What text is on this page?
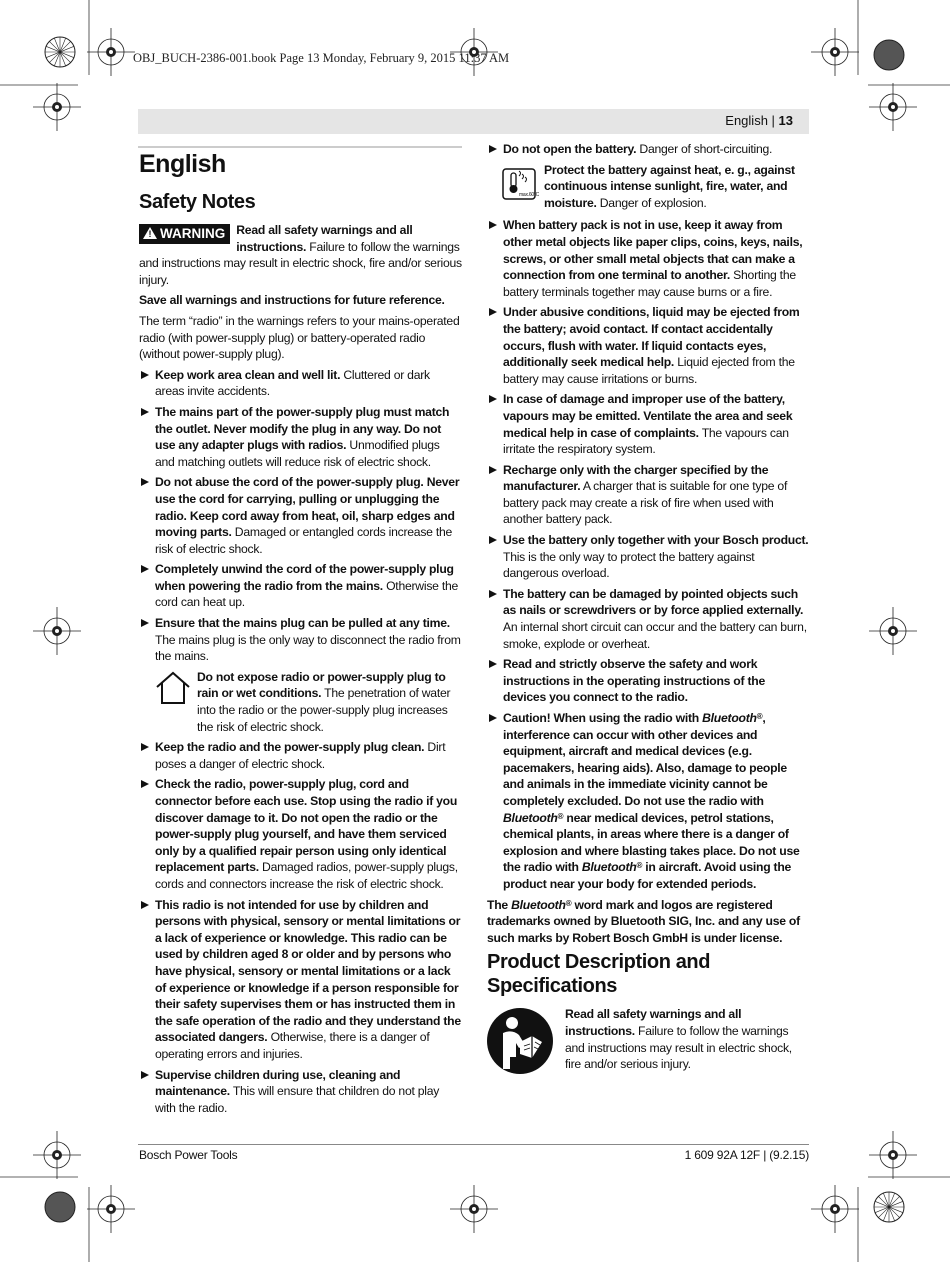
OBJ_BUCH-2386-001.book Page 13 Monday, February 9, 2015 11:37 AM
English | 13
English
Safety Notes

! WARNING Read all safety warnings and all instructions. Failure to follow the warnings and instructions may result in electric shock, fire and/or serious injury.

Save all warnings and instructions for future reference.

The term “radio” in the warnings refers to your mains-operated radio (with power-supply plug) or battery-operated radio (without power-supply plug).

Keep work area clean and well lit. Cluttered or dark areas invite accidents.
The mains part of the power-supply plug must match the outlet. Never modify the plug in any way. Do not use any adapter plugs with radios. Unmodified plugs and matching outlets will reduce risk of electric shock.
Do not abuse the cord of the power-supply plug. Never use the cord for carrying, pulling or unplugging the radio. Keep cord away from heat, oil, sharp edges and moving parts. Damaged or entangled cords increase the risk of electric shock.
Completely unwind the cord of the power-supply plug when powering the radio from the mains. Otherwise the cord can heat up.
Ensure that the mains plug can be pulled at any time. The mains plug is the only way to disconnect the radio from the mains.
Do not expose radio or power-supply plug to rain or wet conditions. The penetration of water into the radio or the power-supply plug increases the risk of electric shock.
Keep the radio and the power-supply plug clean. Dirt poses a danger of electric shock.
Check the radio, power-supply plug, cord and connector before each use. Stop using the radio if you discover damage to it. Do not open the radio or the power-supply plug yourself, and have them serviced only by a qualified repair person using only identical replacement parts. Damaged radios, power-supply plugs, cords and connectors increase the risk of electric shock.
This radio is not intended for use by children and persons with physical, sensory or mental limitations or a lack of experience or knowledge. This radio can be used by children aged 8 or older and by persons who have physical, sensory or mental limitations or a lack of experience or knowledge if a person responsible for their safety supervises them or has instructed them in the safe operation of the radio and they understand the associated dangers. Otherwise, there is a danger of operating errors and injuries.
Supervise children during use, cleaning and maintenance. This will ensure that children do not play with the radio.
Do not open the battery. Danger of short-circuiting.
max.60°C
Protect the battery against heat, e. g., against continuous intense sunlight, fire, water, and moisture. Danger of explosion.
When battery pack is not in use, keep it away from other metal objects like paper clips, coins, keys, nails, screws, or other small metal objects that can make a connection from one terminal to another. Shorting the battery terminals together may cause burns or a fire.
Under abusive conditions, liquid may be ejected from the battery; avoid contact. If contact accidentally occurs, flush with water. If liquid contacts eyes, additionally seek medical help. Liquid ejected from the battery may cause irritations or burns.
In case of damage and improper use of the battery, vapours may be emitted. Ventilate the area and seek medical help in case of complaints. The vapours can irritate the respiratory system.
Recharge only with the charger specified by the manufacturer. A charger that is suitable for one type of battery pack may create a risk of fire when used with another battery pack.
Use the battery only together with your Bosch product. This is the only way to protect the battery against dangerous overload.
The battery can be damaged by pointed objects such as nails or screwdrivers or by force applied externally. An internal short circuit can occur and the battery can burn, smoke, explode or overheat.
Read and strictly observe the safety and work instructions in the operating instructions of the devices you connect to the radio.
Caution! When using the radio with Bluetooth®, interference can occur with other devices and equipment, aircraft and medical devices (e.g. pacemakers, hearing aids). Also, damage to people and animals in the immediate vicinity cannot be completely excluded. Do not use the radio with Bluetooth® near medical devices, petrol stations, chemical plants, in areas where there is a danger of explosion and where blasting takes place. Do not use the radio with Bluetooth® in aircraft. Avoid using the product near your body for extended periods.

The Bluetooth® word mark and logos are registered trademarks owned by Bluetooth SIG, Inc. and any use of such marks by Robert Bosch GmbH is under license.

Product Description and Specifications
Read all safety warnings and all instructions. Failure to follow the warnings and instructions may result in electric shock, fire and/or serious injury.
Bosch Power Tools	1 609 92A 12F | (9.2.15)
